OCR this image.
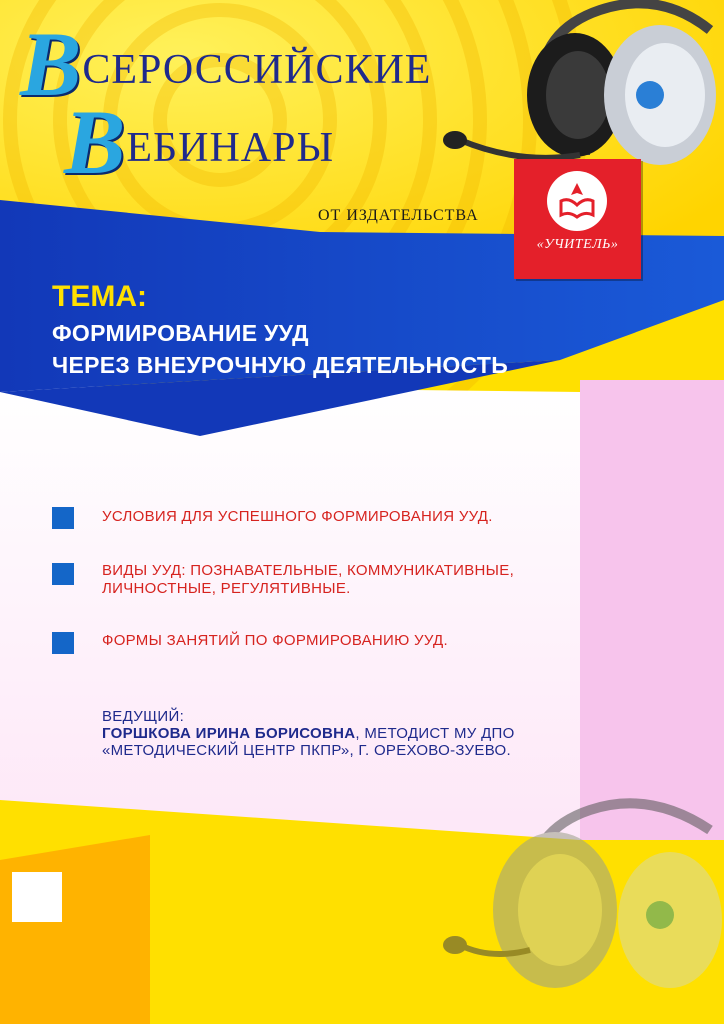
ВСЕРОССИЙСКИЕ
ВЕБИНАРЫ
ОТ ИЗДАТЕЛЬСТВА
«УЧИТЕЛЬ»
ТЕМА:
ФОРМИРОВАНИЕ УУД
ЧЕРЕЗ ВНЕУРОЧНУЮ ДЕЯТЕЛЬНОСТЬ
УСЛОВИЯ ДЛЯ УСПЕШНОГО ФОРМИРОВАНИЯ УУД.
ВИДЫ УУД: ПОЗНАВАТЕЛЬНЫЕ, КОММУНИКАТИВНЫЕ, ЛИЧНОСТНЫЕ, РЕГУЛЯТИВНЫЕ.
ФОРМЫ ЗАНЯТИЙ ПО ФОРМИРОВАНИЮ УУД.
ВЕДУЩИЙ:
ГОРШКОВА ИРИНА БОРИСОВНА, МЕТОДИСТ МУ ДПО «МЕТОДИЧЕСКИЙ ЦЕНТР ПКПР», Г. ОРЕХОВО-ЗУЕВО.
